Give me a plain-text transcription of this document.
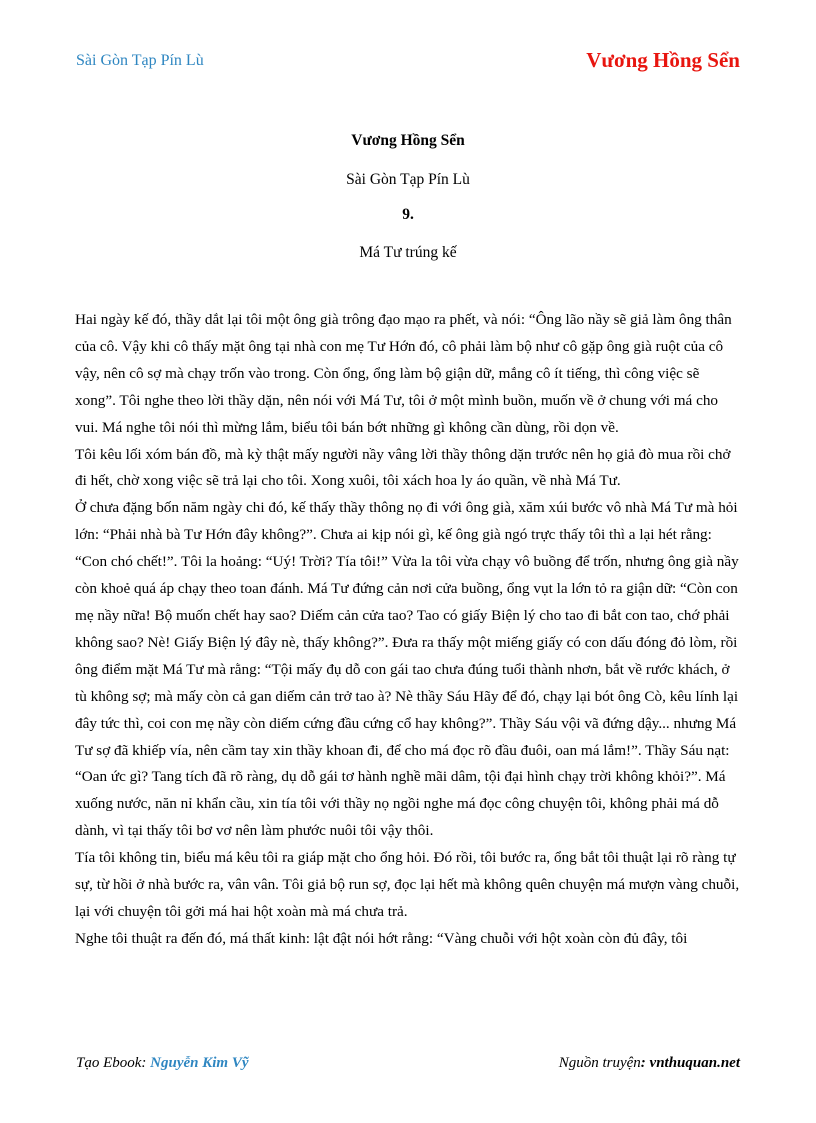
Sài Gòn Tạp Pín Lù	Vương Hồng Sển
Vương Hồng Sển
Sài Gòn Tạp Pín Lù
9.
Má Tư trúng kế

Hai ngày kế đó, thầy dắt lại tôi một ông già trông đạo mạo ra phết, và nói: “Ông lão nầy sẽ giả làm ông thân của cô. Vậy khi cô thấy mặt ông tại nhà con mẹ Tư Hớn đó, cô phải làm bộ như cô gặp ông già ruột của cô vậy, nên cô sợ mà chạy trốn vào trong. Còn ổng, ổng làm bộ giận dữ, mắng cô ít tiếng, thì công việc sẽ xong”. Tôi nghe theo lời thầy dặn, nên nói với Má Tư, tôi ở một mình buồn, muốn về ở chung với má cho vui. Má nghe tôi nói thì mừng lắm, biểu tôi bán bớt những gì không cần dùng, rồi dọn về.

Tôi kêu lối xóm bán đồ, mà kỳ thật mấy người nầy vâng lời thầy thông dặn trước nên họ giả đò mua rồi chở đi hết, chờ xong việc sẽ trả lại cho tôi. Xong xuôi, tôi xách hoa ly áo quần, về nhà Má Tư.

Ở chưa đặng bốn năm ngày chi đó, kế thấy thầy thông nọ đi với ông già, xăm xúi bước vô nhà Má Tư mà hỏi lớn: “Phải nhà bà Tư Hớn đây không?”. Chưa ai kịp nói gì, kế ông già ngó trực thấy tôi thì a lại hét rằng: “Con chó chết!”. Tôi la hoảng: “Uý! Trời? Tía tôi!” Vừa la tôi vừa chạy vô buồng để trốn, nhưng ông già nầy còn khoẻ quá áp chạy theo toan đánh. Má Tư đứng cản nơi cửa buồng, ổng vụt la lớn tỏ ra giận dữ: “Còn con mẹ nầy nữa! Bộ muốn chết hay sao? Diếm cản cửa tao? Tao có giấy Biện lý cho tao đi bắt con tao, chớ phải không sao? Nè! Giấy Biện lý đây nè, thấy không?”. Đưa ra thấy một miếng giấy có con dấu đóng đỏ lòm, rồi ông điểm mặt Má Tư mà rằng: “Tội mấy đụ dỗ con gái tao chưa đúng tuổi thành nhơn, bắt về rước khách, ở tù không sợ; mà mấy còn cả gan diếm cản trở tao à? Nè thầy Sáu Hãy để đó, chạy lại bót ông Cò, kêu lính lại đây tức thì, coi con mẹ nầy còn diếm cứng đầu cứng cổ hay không?”. Thầy Sáu vội vã đứng dậy... nhưng Má Tư sợ đã khiếp vía, nên cầm tay xin thầy khoan đi, để cho má đọc rõ đầu đuôi, oan má lắm!”. Thầy Sáu nạt: “Oan ức gì? Tang tích đã rõ ràng, dụ dỗ gái tơ hành nghề mãi dâm, tội đại hình chạy trời không khỏi?”. Má xuống nước, năn nỉ khẩn cầu, xin tía tôi với thầy nọ ngồi nghe má đọc công chuyện tôi, không phải má dỗ dành, vì tại thấy tôi bơ vơ nên làm phước nuôi tôi vậy thôi.

Tía tôi không tin, biểu má kêu tôi ra giáp mặt cho ổng hỏi. Đó rồi, tôi bước ra, ổng bắt tôi thuật lại rõ ràng tự sự, từ hồi ở nhà bước ra, vân vân. Tôi giả bộ run sợ, đọc lại hết mà không quên chuyện má mượn vàng chuỗi, lại với chuyện tôi gởi má hai hột xoàn mà má chưa trả.

Nghe tôi thuật ra đến đó, má thất kinh: lật đật nói hớt rằng: “Vàng chuỗi với hột xoàn còn đủ đây, tôi

Tạo Ebook: Nguyễn Kim Vỹ	Nguồn truyện: vnthuquan.net
